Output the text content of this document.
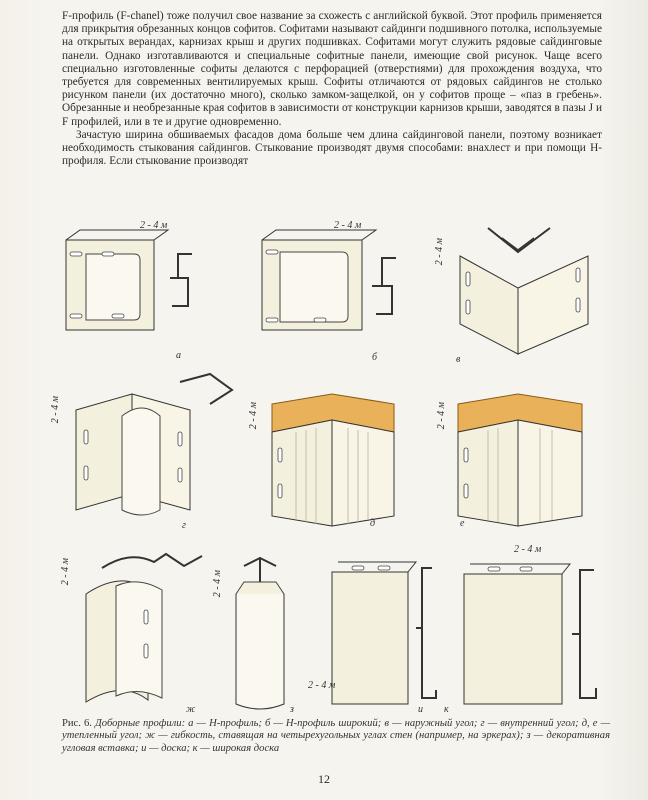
F-профиль (F-chanel) тоже получил свое название за схожесть с английской буквой. Этот профиль применяется для прикрытия обрезанных концов софитов. Софитами называют сайдинги подшивного потолка, используемые на открытых верандах, карнизах крыш и других подшивках. Софитами могут служить рядовые сайдинговые панели. Однако изготавливаются и специальные софитные панели, имеющие свой рисунок. Чаще всего специально изготовленные софиты делаются с перфорацией (отверстиями) для прохождения воздуха, что требуется для современных вентилируемых крыш. Софиты отличаются от рядовых сайдингов не столько рисунком панели (их достаточно много), сколько замком-защелкой, он у софитов проще – «паз в гребень». Обрезанные и необрезанные края софитов в зависимости от конструкции карнизов крыши, заводятся в пазы J и F профилей, или в те и другие одновременно.

Зачастую ширина обшиваемых фасадов дома больше чем длина сайдинговой панели, поэтому возникает необходимость стыкования сайдингов. Стыкование производят двумя способами: внахлест и при помощи Н-профиля. Если стыкование производят

2 - 4 м
а
2 - 4 м
б
2 - 4 м
в
2 - 4 м
г
2 - 4 м
д
2 - 4 м
е
2 - 4 м
ж
2 - 4 м
з
2 - 4 м
и
2 - 4 м
к
Рис. 6. Доборные профили: а — Н-профиль; б — Н-профиль широкий; в — наружный угол; г — внутренний угол; д, е — утепленный угол; ж — гибкость, ставящая на четырехугольных углах стен (например, на эркерах); з — декоративная угловая вставка; и — доска; к — широкая доска
12
